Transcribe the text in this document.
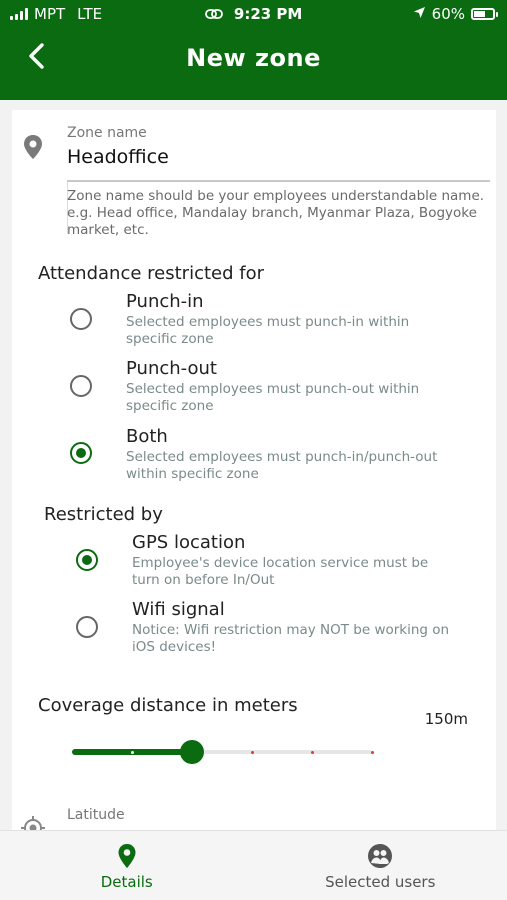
MPT LTE	9:23 PM	60%
New zone
Zone name
Headoffice
Zone name should be your employees understandable name. e.g. Head office, Mandalay branch, Myanmar Plaza, Bogyoke market, etc.
Attendance restricted for
Punch-in
Selected employees must punch-in within specific zone
Punch-out
Selected employees must punch-out within specific zone
Both
Selected employees must punch-in/punch-out within specific zone
Restricted by
GPS location
Employee's device location service must be turn on before In/Out
Wifi signal
Notice: Wifi restriction may NOT be working on iOS devices!
Coverage distance in meters
150m
Latitude
Details	Selected users
